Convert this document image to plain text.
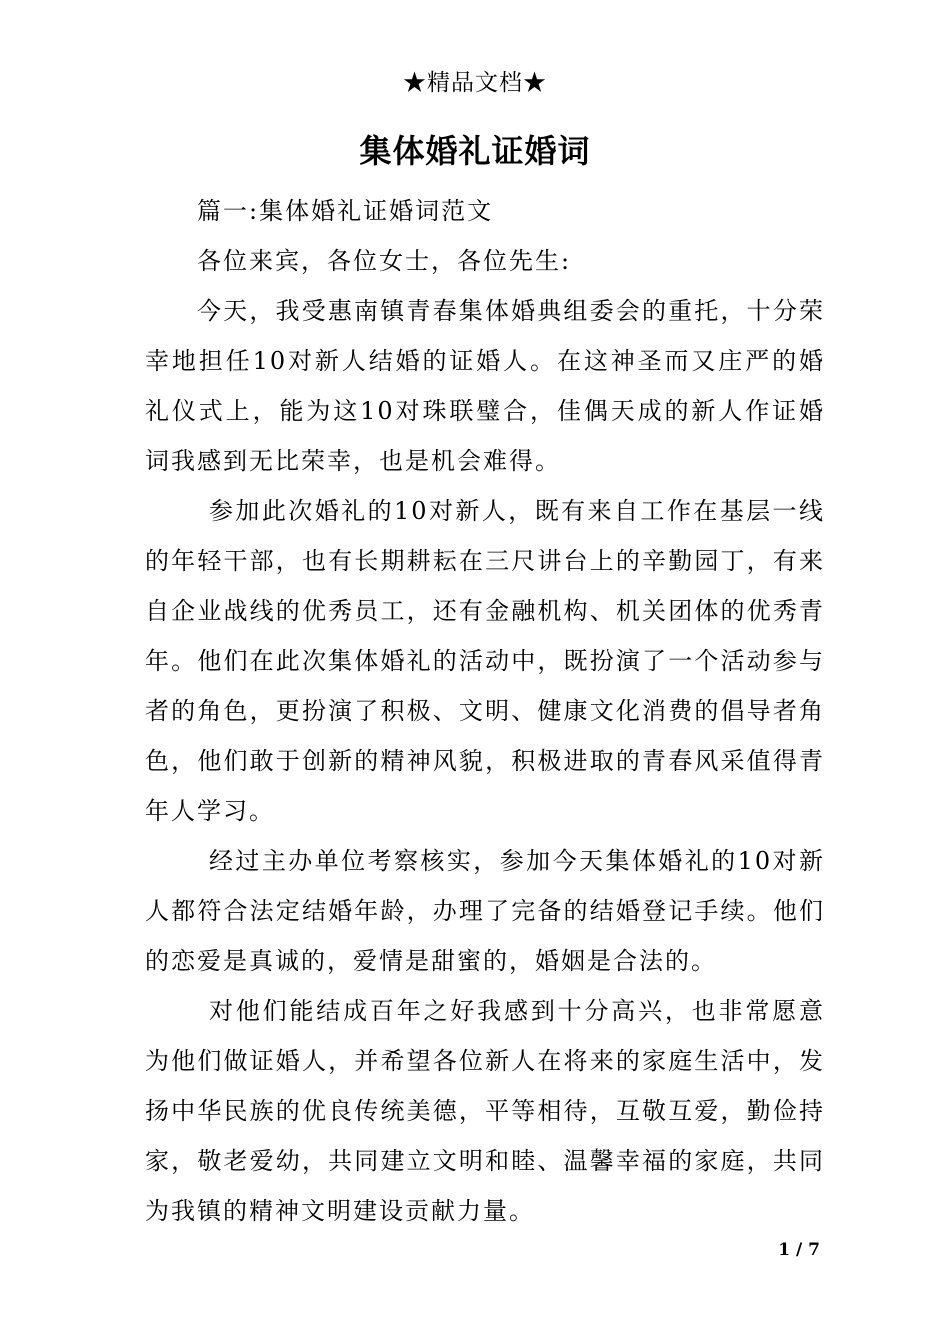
★精品文档★
集体婚礼证婚词

篇一:集体婚礼证婚词范文

各位来宾，各位女士，各位先生:

今天，我受惠南镇青春集体婚典组委会的重托，十分荣幸地担任10对新人结婚的证婚人。在这神圣而又庄严的婚礼仪式上，能为这10对珠联璧合，佳偶天成的新人作证婚词我感到无比荣幸，也是机会难得。

参加此次婚礼的10对新人，既有来自工作在基层一线的年轻干部，也有长期耕耘在三尺讲台上的辛勤园丁，有来自企业战线的优秀员工，还有金融机构、机关团体的优秀青年。他们在此次集体婚礼的活动中，既扮演了一个活动参与者的角色，更扮演了积极、文明、健康文化消费的倡导者角色，他们敢于创新的精神风貌，积极进取的青春风采值得青年人学习。

经过主办单位考察核实，参加今天集体婚礼的10对新人都符合法定结婚年龄，办理了完备的结婚登记手续。他们的恋爱是真诚的，爱情是甜蜜的，婚姻是合法的。

对他们能结成百年之好我感到十分高兴，也非常愿意为他们做证婚人，并希望各位新人在将来的家庭生活中，发扬中华民族的优良传统美德，平等相待，互敬互爱，勤俭持家，敬老爱幼，共同建立文明和睦、温馨幸福的家庭，共同为我镇的精神文明建设贡献力量。

1 / 7
